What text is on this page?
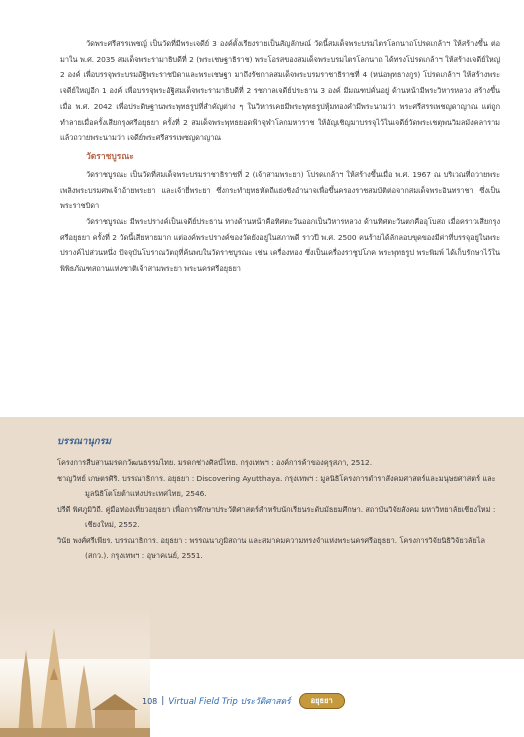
วัดพระศรีสรรเพชญ์ เป็นวัดที่มีพระเจดีย์ 3 องค์ตั้งเรียงรายเป็นสัญลักษณ์ วัดนี้สมเด็จพระบรมไตรโลกนาถโปรดเกล้าฯ ให้สร้างขึ้น ต่อมาใน พ.ศ. 2035 สมเด็จพระรามาธิบดีที่ 2 (พระเชษฐาธิราช) พระโอรสของสมเด็จพระบรมไตรโลกนาถ ได้ทรงโปรดเกล้าฯ ให้สร้างเจดีย์ใหญ่ 2 องค์ เพื่อบรรจุพระบรมอัฐิพระราชบิดาและพระเชษฐา มาถึงรัชกาลสมเด็จพระบรมราชาธิราชที่ 4 (หน่อพุทธางกูร) โปรดเกล้าฯ ให้สร้างพระเจดีย์ใหญ่อีก 1 องค์ เพื่อบรรจุพระอัฐิสมเด็จพระรามาธิบดีที่ 2 รชกาลเจดีย์ประธาน 3 องค์ มีมณฑปคั่นอยู่ ด้านหน้ามีพระวิหารหลวง สร้างขึ้นเมื่อ พ.ศ. 2042 เพื่อประดิษฐานพระพุทธรูปที่สำคัญต่าง ๆ ในวิหารเคยมีพระพุทธรูปหุ้มทองคำมีพระนามว่า พระศรีสรรเพชญดาญาณ แต่ถูกทำลายเมื่อครั้งเสียกรุงศรีอยุธยา ครั้งที่ 2 สมเด็จพระพุทธยอดฟ้าจุฬาโลกมหาราช ให้อัญเชิญมาบรรจุไว้ในเจดีย์วัดพระเชตุพนวิมลมังคลาราม แล้วถวายพระนามว่า เจดีย์พระศรีสรรเพชญดาญาณ

วัดราชบูรณะ

วัดราชบูรณะ เป็นวัดที่สมเด็จพระบรมราชาธิราชที่ 2 (เจ้าสามพระยา) โปรดเกล้าฯ ให้สร้างขึ้นเมื่อ พ.ศ. 1967 ณ บริเวณที่ถวายพระเพลิงพระบรมศพเจ้าอ้ายพระยา และเจ้ายี่พระยา ซึ่งกระทำยุทธหัตถีแย่งชิงอำนาจเพื่อขึ้นครองราชสมบัติต่อจากสมเด็จพระอินทราชา ซึ่งเป็นพระราชบิดา

วัดราชบูรณะ มีพระปรางค์เป็นเจดีย์ประธาน ทางด้านหน้าคือทิศตะวันออกเป็นวิหารหลวง ด้านทิศตะวันตกคืออุโบสถ เมื่อคราวเสียกรุงศรีอยุธยา ครั้งที่ 2 วัดนี้เสียหายมาก แต่องค์พระปรางค์ของวัดยังอยู่ในสภาพดี ราวปี พ.ศ. 2500 คนร้ายได้ลักลอบขุดของมีค่าที่บรรจุอยู่ในพระปรางค์ไปส่วนหนึ่ง ปัจจุบันโบราณวัตถุที่ค้นพบในวัดราชบูรณะ เช่น เครื่องทอง ซึ่งเป็นเครื่องราชูปโภค พระพุทธรูป พระพิมพ์ ได้เก็บรักษาไว้ในพิพิธภัณฑสถานแห่งชาติเจ้าสามพระยา พระนครศรีอยุธยา

บรรณานุกรม

โครงการสืบสานมรดกวัฒนธรรมไทย. มรดกช่างศิลป์ไทย. กรุงเทพฯ : องค์การค้าของคุรุสภา, 2512.

ชาญวิทย์ เกษตรศิริ. บรรณาธิการ. อยุธยา : Discovering Ayutthaya. กรุงเทพฯ : มูลนิธิโครงการตำราสังคมศาสตร์และมนุษยศาสตร์ และมูลนิธิโตโยต้าแห่งประเทศไทย, 2546.

ปรีดี พิศภูมิวิถี. คู่มือท่องเที่ยวอยุธยา เพื่อการศึกษาประวัติศาสตร์สำหรับนักเรียนระดับมัธยมศึกษา. สถาบันวิจัยสังคม มหาวิทยาลัยเชียงใหม่ : เชียงใหม่, 2552.

วินัย พงศ์ศรีเพียร. บรรณาธิการ. อยุธยา : พรรณนาภูมิสถาน และสมาคมความทรงจำแห่งพระนครศรีอยุธยา. โครงการวิจัยนิธิวิจัยวลัยไล (สกว.). กรุงเทพฯ : อุษาคเนย์, 2551.

108 | Virtual Field Trip ประวัติศาสตร์	อยุธยา
